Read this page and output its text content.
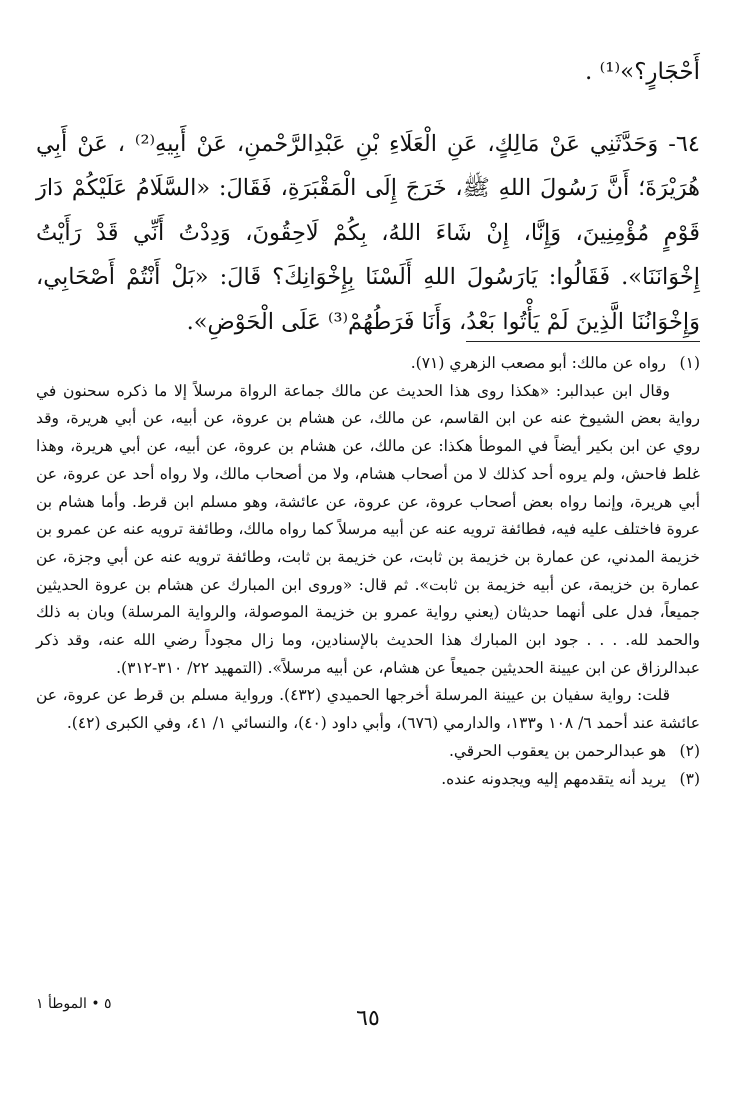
أَحْجَارٍ؟»⁽¹⁾ .

٦٤- وَحَدَّثَنِي عَنْ مَالِكٍ، عَنِ الْعَلَاءِ بْنِ عَبْدِالرَّحْمنِ، عَنْ أَبِيهِ⁽²⁾ ، عَنْ أَبِي هُرَيْرَةَ؛ أَنَّ رَسُولَ اللهِ ﷺ، خَرَجَ إِلَى الْمَقْبَرَةِ، فَقَالَ: «السَّلَامُ عَلَيْكُمْ دَارَ قَوْمٍ مُؤْمِنِينَ، وَإِنَّا، إِنْ شَاءَ اللهُ، بِكُمْ لَاحِقُونَ، وَدِدْتُ أَنِّي قَدْ رَأَيْتُ إِخْوَانَنَا». فَقَالُوا: يَارَسُولَ اللهِ أَلَسْنَا بِإِخْوَانِكَ؟ قَالَ: «بَلْ أَنْتُمْ أَصْحَابِي، وَإِخْوَانُنَا الَّذِينَ لَمْ يَأْتُوا بَعْدُ، وَأَنَا فَرَطُهُمْ⁽³⁾ عَلَى الْحَوْضِ».

(١)
رواه عن مالك: أبو مصعب الزهري (٧١).

وقال ابن عبدالبر: «هكذا روى هذا الحديث عن مالك جماعة الرواة مرسلاً إلا ما ذكره سحنون في رواية بعض الشيوخ عنه عن ابن القاسم، عن مالك، عن هشام بن عروة، عن أبيه، عن أبي هريرة، وقد روي عن ابن بكير أيضاً في الموطأ هكذا: عن مالك، عن هشام بن عروة، عن أبيه، عن أبي هريرة، وهذا غلط فاحش، ولم يروه أحد كذلك لا من أصحاب هشام، ولا من أصحاب مالك، ولا رواه أحد عن عروة، عن أبي هريرة، وإنما رواه بعض أصحاب عروة، عن عروة، عن عائشة، وهو مسلم ابن قرط. وأما هشام بن عروة فاختلف عليه فيه، فطائفة ترويه عنه عن أبيه مرسلاً كما رواه مالك، وطائفة ترويه عنه عن عمرو بن خزيمة المدني، عن عمارة بن خزيمة بن ثابت، عن خزيمة بن ثابت، وطائفة ترويه عنه عن أبي وجزة، عن عمارة بن خزيمة، عن أبيه خزيمة بن ثابت». ثم قال: «وروى ابن المبارك عن هشام بن عروة الحديثين جميعاً، فدل على أنهما حديثان (يعني رواية عمرو بن خزيمة الموصولة، والرواية المرسلة) وبان به ذلك والحمد لله. . . . جود ابن المبارك هذا الحديث بالإسنادين، وما زال مجوداً رضي الله عنه، وقد ذكر عبدالرزاق عن ابن عيينة الحديثين جميعاً عن هشام، عن أبيه مرسلاً». (التمهيد ٢٢/ ٣١٠-٣١٢).

قلت: رواية سفيان بن عيينة المرسلة أخرجها الحميدي (٤٣٢). ورواية مسلم بن قرط عن عروة، عن عائشة عند أحمد ٦/ ١٠٨ و١٣٣، والدارمي (٦٧٦)، وأبي داود (٤٠)، والنسائي ١/ ٤١، وفي الكبرى (٤٢).

(٢)
هو عبدالرحمن بن يعقوب الحرقي.
(٣)
يريد أنه يتقدمهم إليه ويجدونه عنده.
٥ • الموطأ ١
٦٥
